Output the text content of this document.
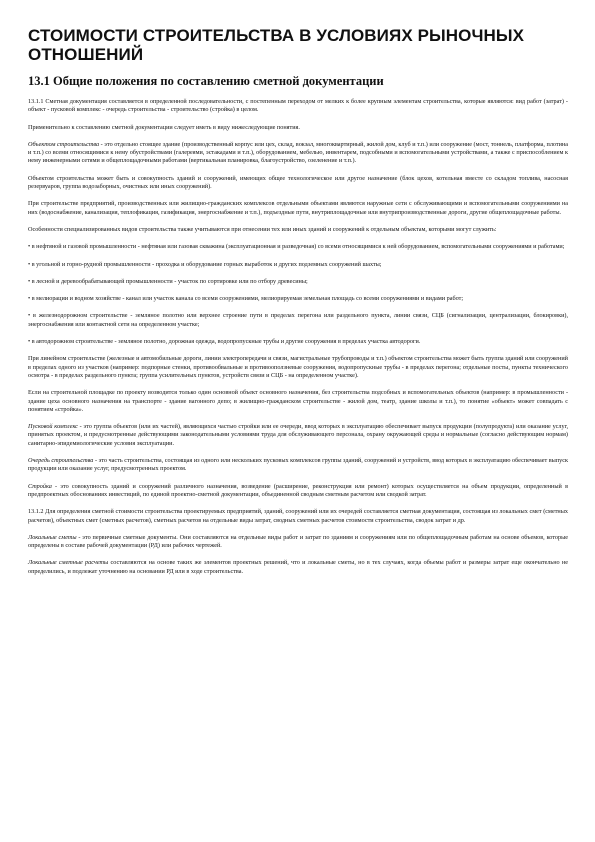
СТОИМОСТИ СТРОИТЕЛЬСТВА В УСЛОВИЯХ РЫНОЧНЫХ ОТНОШЕНИЙ
13.1 Общие положения по составлению сметной документации

13.1.1 Сметная документация составляется в определенной последовательности, с постепенным переходом от мелких к более крупным элементам строительства, которые являются: вид работ (затрат) - объект - пусковой комплекс - очередь строительства - строительство (стройка) в целом.

Применительно к составлению сметной документации следует иметь в виду нижеследующие понятия.

Объектом строительства - это отдельно стоящее здание (производственный корпус или цех, склад, вокзал, многоквартирный, жилой дом, клуб и т.п.) или сооружение (мост, тоннель, платформа, плотина и т.п.) со всеми относящимися к нему обустройствами (галереями, эстакадами и т.п.), оборудованием, мебелью, инвентарем, подсобными и вспомогательными устройствами, а также с приспособлением к нему инженерными сетями и общеплощадочными работами (вертикальная планировка, благоустройство, озеленение и т.п.).

Объектом строительства может быть и совокупность зданий и сооружений, имеющих общее технологическое или другое назначение (блок цехов, котельная вместе со складом топлива, насосная резервуаров, группа водозаборных, очистных или иных сооружений).

При строительстве предприятий, производственных или жилищно-гражданских комплексов отдельными объектами являются наружные сети с обслуживающими и вспомогательными сооружениями на них (водоснабжение, канализация, теплофикация, газификация, энергоснабжение и т.п.), подъездные пути, внутриплощадочные или внутрипроизводственные дороги, другие общеплощадочные работы.

Особенности специализированных видов строительства также учитываются при отнесении тех или иных зданий и сооружений к отдельным объектам, которыми могут служить:

• в нефтяной и газовой промышленности - нефтяная или газовая скважина (эксплуатационная и разведочная) со всеми относящимися к ней оборудованием, вспомогательными сооружениями и работами;

• в угольной и горно-рудной промышленности - проходка и оборудование горных выработок и других подземных сооружений шахты;

• в лесной и деревообрабатывающей промышленности - участок по сортировке или по отбору древесины;

• в мелиорации и водном хозяйстве - канал или участок канала со всеми сооружениями, мелиорируемая земельная площадь со всеми сооружениями и видами работ;

• в железнодорожном строительстве - земляное полотно или верхнее строение пути в пределах перегона или раздельного пункта, линии связи, СЦБ (сигнализации, централизации, блокировки), энергоснабжения или контактной сети на определенном участке;

• в автодорожном строительстве - земляное полотно, дорожная одежда, водопропускные трубы и другие сооружения в пределах участка автодороги.

При линейном строительстве (железные и автомобильные дороги, линии электропередачи и связи, магистральные трубопроводы и т.п.) объектом строительства может быть группа зданий или сооружений в пределах одного из участков (например: подпорные стенки, противообвальные и противооползневые сооружения, водопропускные трубы - в пределах перегона; отдельные посты, пункты технического осмотра - в пределах раздельного пункта; группа усилительных пунктов, устройств связи и СЦБ - на определенном участке).

Если на строительной площадке по проекту возводится только один основной объект основного назначения, без строительства подсобных и вспомогательных объектов (например: в промышленности - здание цеха основного назначения на транспорте - здание вагонного депо; в жилищно-гражданском строительстве - жилой дом, театр, здание школы и т.п.), то понятие «объект» может совпадать с понятием «стройка».

Пусковой комплекс - это группа объектов (или их частей), являющихся частью стройки или ее очереди, ввод которых в эксплуатацию обеспечивает выпуск продукции (полупродукта) или оказание услуг, принятых проектом, и предусмотренные действующими законодательными условиями труда для обслуживающего персонала, охрану окружающей среды и нормальные (согласно действующим нормам) санитарно-эпидемиологические условия эксплуатации.

Очередь строительства - это часть строительства, состоящая из одного или нескольких пусковых комплексов группы зданий, сооружений и устройств, ввод которых в эксплуатацию обеспечивает выпуск продукции или оказание услуг, предусмотренных проектом.

Стройка - это совокупность зданий и сооружений различного назначения, возведение (расширение, реконструкция или ремонт) которых осуществляется на объем продукции, определенный в предпроектных обоснованиях инвестиций, по единой проектно-сметной документации, объединенной сводным сметным расчетом или сводкой затрат.

13.1.2 Для определения сметной стоимости строительства проектируемых предприятий, зданий, сооружений или их очередей составляется сметная документация, состоящая из локальных смет (сметных расчетов), объектных смет (сметных расчетов), сметных расчетов на отдельные виды затрат, сводных сметных расчетов стоимости строительства, сводок затрат и др.

Локальные сметы - это первичные сметные документы. Они составляются на отдельные виды работ и затрат по зданиям и сооружениям или по общеплощадочным работам на основе объемов, которые определены в составе рабочей документации (РД) или рабочих чертежей.

Локальные сметные расчеты составляются на основе таких же элементов проектных решений, что и локальные сметы, но в тех случаях, когда объемы работ и размеры затрат еще окончательно не определились, и подлежат уточнению на основании РД или в ходе строительства.
